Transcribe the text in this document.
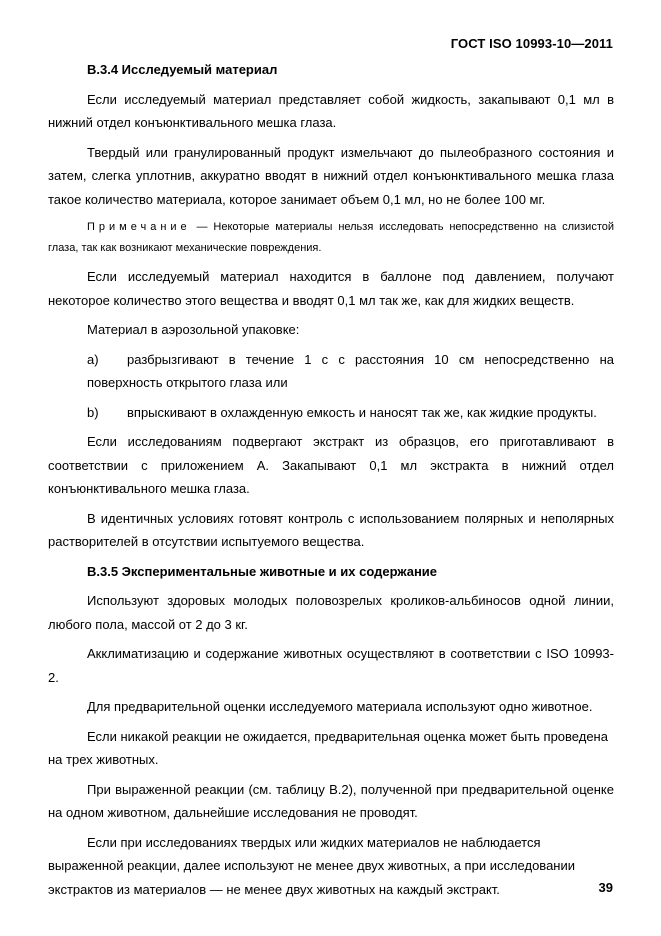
ГОСТ ISO 10993-10—2011

B.3.4 Исследуемый материал

Если исследуемый материал представляет собой жидкость, закапывают 0,1 мл в нижний отдел конъюнктивального мешка глаза.

Твердый или гранулированный продукт измельчают до пылеобразного состояния и затем, слегка уплотнив, аккуратно вводят в нижний отдел конъюнктивального мешка глаза такое количество материала, которое занимает объем 0,1 мл, но не более 100 мг.

Примечание — Некоторые материалы нельзя исследовать непосредственно на слизистой глаза, так как возникают механические повреждения.

Если исследуемый материал находится в баллоне под давлением, получают некоторое количество этого вещества и вводят 0,1 мл так же, как для жидких веществ.

Материал в аэрозольной упаковке:

a) разбрызгивают в течение 1 с с расстояния 10 см непосредственно на поверхность открытого глаза или

b) впрыскивают в охлажденную емкость и наносят так же, как жидкие продукты.

Если исследованиям подвергают экстракт из образцов, его приготавливают в соответствии с приложением А. Закапывают 0,1 мл экстракта в нижний отдел конъюнктивального мешка глаза.

В идентичных условиях готовят контроль с использованием полярных и неполярных растворителей в отсутствии испытуемого вещества.

B.3.5 Экспериментальные животные и их содержание

Используют здоровых молодых половозрелых кроликов-альбиносов одной линии, любого пола, массой от 2 до 3 кг.

Акклиматизацию и содержание животных осуществляют в соответствии с ISO 10993-2.

Для предварительной оценки исследуемого материала используют одно животное.

Если никакой реакции не ожидается, предварительная оценка может быть проведена на трех животных.

При выраженной реакции (см. таблицу В.2), полученной при предварительной оценке на одном животном, дальнейшие исследования не проводят.

Если при исследованиях твердых или жидких материалов не наблюдается выраженной реакции, далее используют не менее двух животных, а при исследовании экстрактов из материалов — не менее двух животных на каждый экстракт.	39
